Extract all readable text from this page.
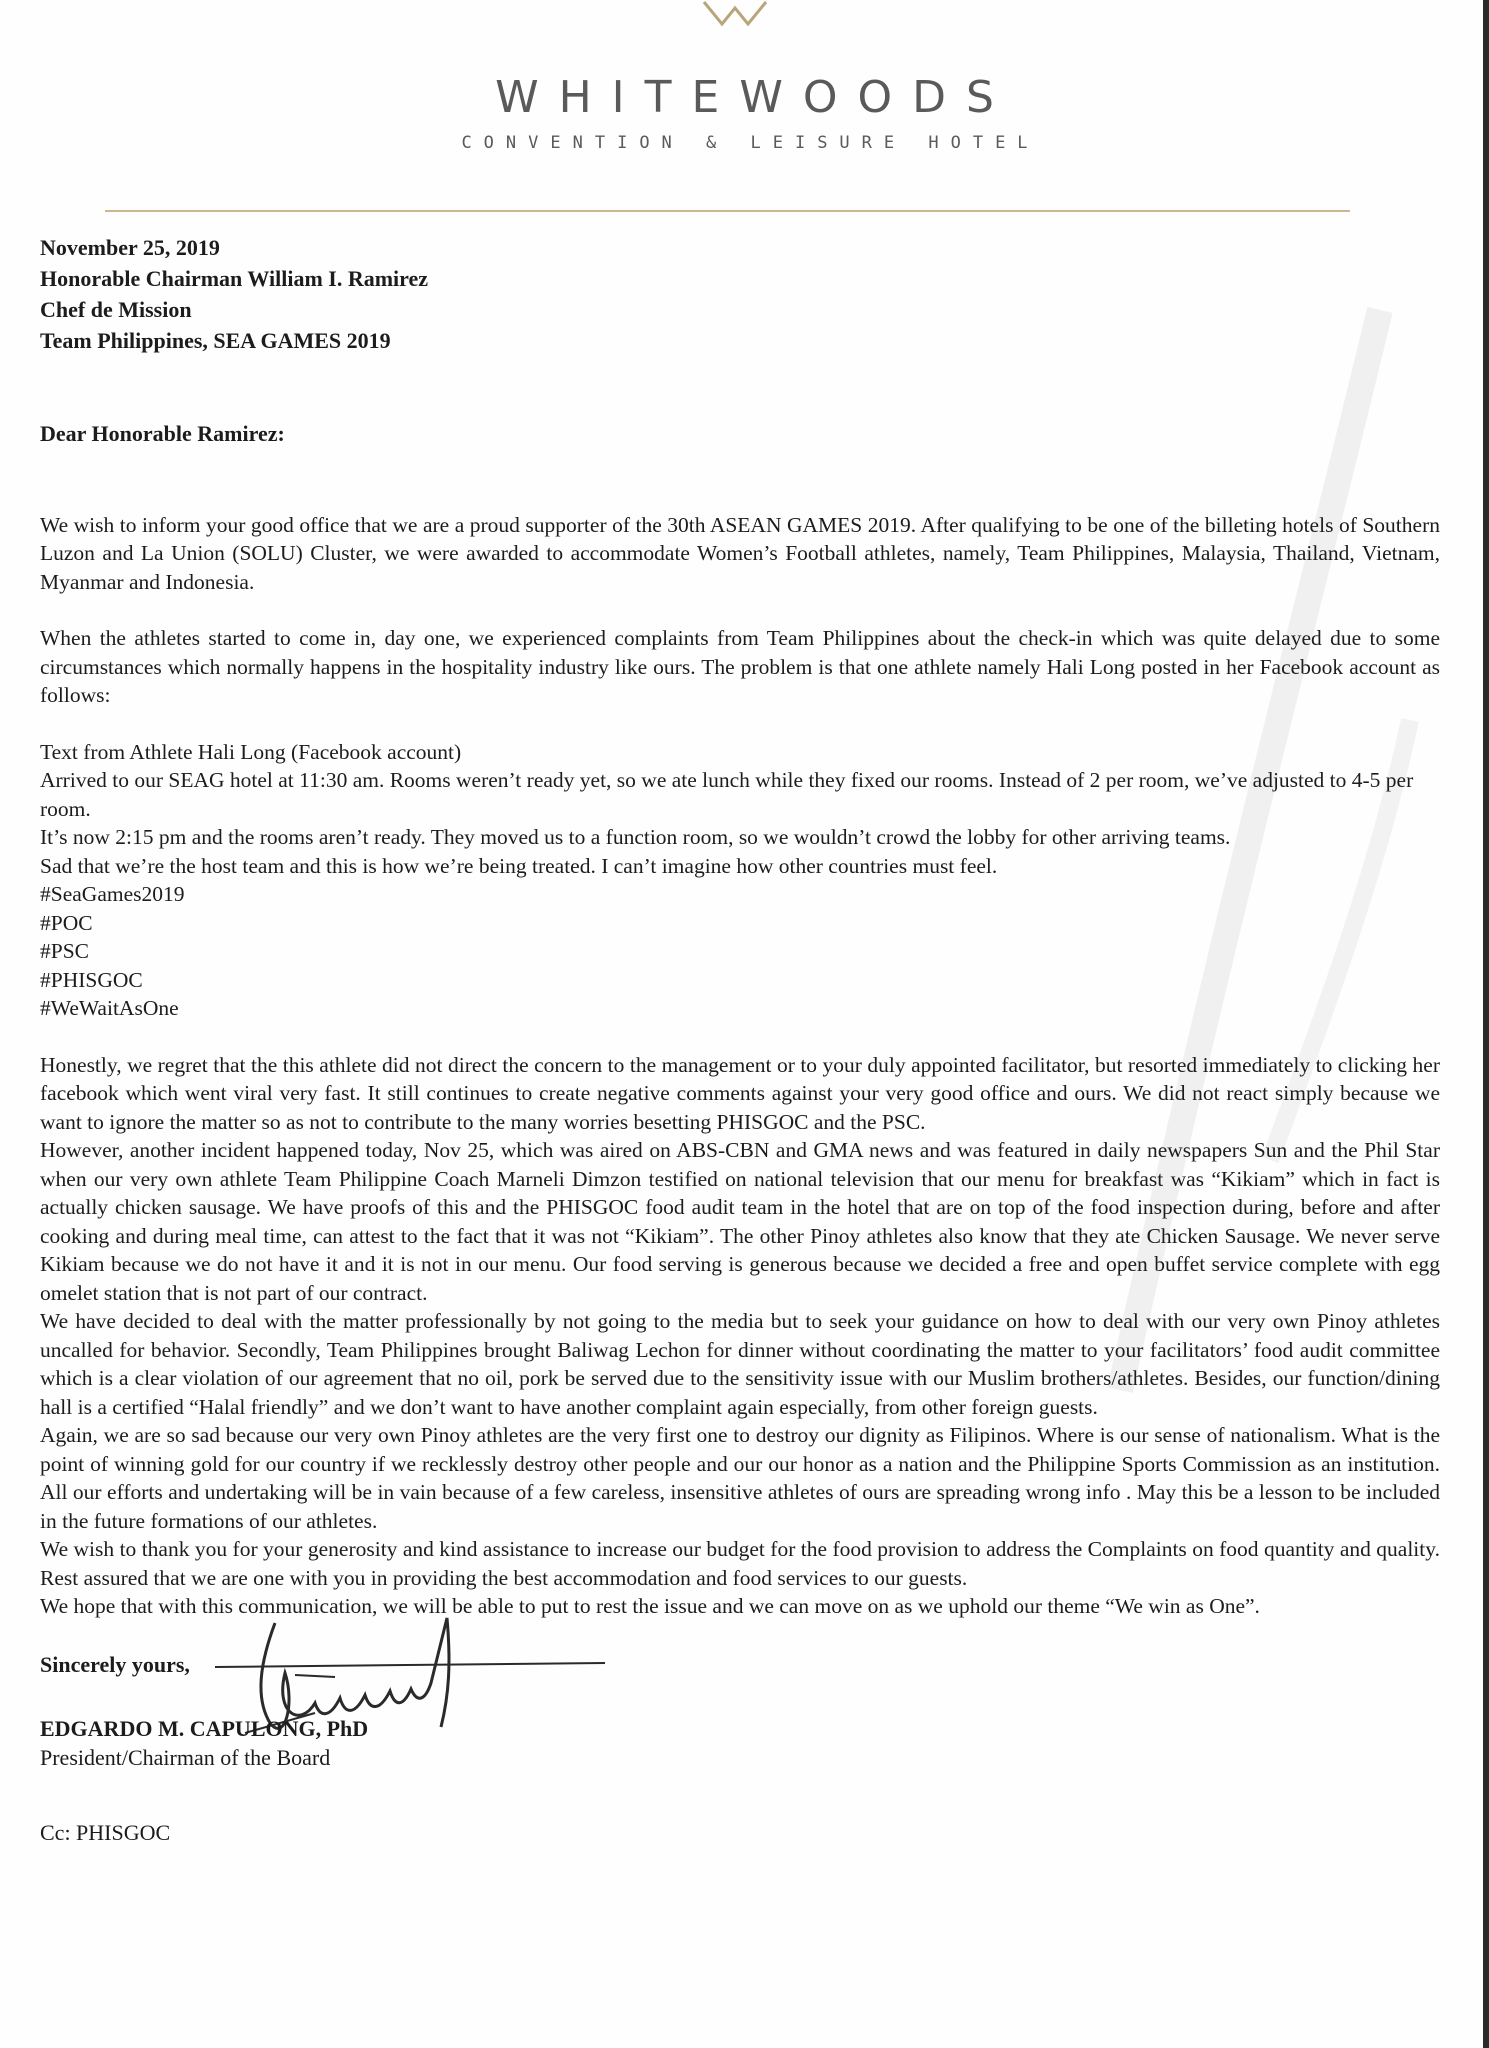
WHITEWOODS
CONVENTION & LEISURE HOTEL
November 25, 2019
Honorable Chairman William I. Ramirez
Chef de Mission
Team Philippines, SEA GAMES 2019
Dear Honorable Ramirez:

We wish to inform your good office that we are a proud supporter of the 30th ASEAN GAMES 2019. After qualifying to be one of the billeting hotels of Southern Luzon and La Union (SOLU) Cluster, we were awarded to accommodate Women’s Football athletes, namely, Team Philippines, Malaysia, Thailand, Vietnam, Myanmar and Indonesia.

When the athletes started to come in, day one, we experienced complaints from Team Philippines about the check-in which was quite delayed due to some circumstances which normally happens in the hospitality industry like ours. The problem is that one athlete namely Hali Long posted in her Facebook account as follows:

Text from Athlete Hali Long (Facebook account)
Arrived to our SEAG hotel at 11:30 am. Rooms weren’t ready yet, so we ate lunch while they fixed our rooms. Instead of 2 per room, we’ve adjusted to 4-5 per room.
It’s now 2:15 pm and the rooms aren’t ready. They moved us to a function room, so we wouldn’t crowd the lobby for other arriving teams.
Sad that we’re the host team and this is how we’re being treated. I can’t imagine how other countries must feel.
#SeaGames2019
#POC
#PSC
#PHISGOC
#WeWaitAsOne

Honestly, we regret that the this athlete did not direct the concern to the management or to your duly appointed facilitator, but resorted immediately to clicking her facebook which went viral very fast. It still continues to create negative comments against your very good office and ours. We did not react simply because we want to ignore the matter so as not to contribute to the many worries besetting PHISGOC and the PSC.

However, another incident happened today, Nov 25, which was aired on ABS-CBN and GMA news and was featured in daily newspapers Sun and the Phil Star when our very own athlete Team Philippine Coach Marneli Dimzon testified on national television that our menu for breakfast was “Kikiam” which in fact is actually chicken sausage. We have proofs of this and the PHISGOC food audit team in the hotel that are on top of the food inspection during, before and after cooking and during meal time, can attest to the fact that it was not “Kikiam”. The other Pinoy athletes also know that they ate Chicken Sausage. We never serve Kikiam because we do not have it and it is not in our menu. Our food serving is generous because we decided a free and open buffet service complete with egg omelet station that is not part of our contract.

We have decided to deal with the matter professionally by not going to the media but to seek your guidance on how to deal with our very own Pinoy athletes uncalled for behavior. Secondly, Team Philippines brought Baliwag Lechon for dinner without coordinating the matter to your facilitators’ food audit committee which is a clear violation of our agreement that no oil, pork be served due to the sensitivity issue with our Muslim brothers/athletes. Besides, our function/dining hall is a certified “Halal friendly” and we don’t want to have another complaint again especially, from other foreign guests.

Again, we are so sad because our very own Pinoy athletes are the very first one to destroy our dignity as Filipinos. Where is our sense of nationalism. What is the point of winning gold for our country if we recklessly destroy other people and our our honor as a nation and the Philippine Sports Commission as an institution. All our efforts and undertaking will be in vain because of a few careless, insensitive athletes of ours are spreading wrong info . May this be a lesson to be included in the future formations of our athletes.

We wish to thank you for your generosity and kind assistance to increase our budget for the food provision to address the Complaints on food quantity and quality. Rest assured that we are one with you in providing the best accommodation and food services to our guests.

We hope that with this communication, we will be able to put to rest the issue and we can move on as we uphold our theme “We win as One”.

Sincerely yours,
EDGARDO M. CAPULONG, PhD
President/Chairman of the Board
Cc: PHISGOC
